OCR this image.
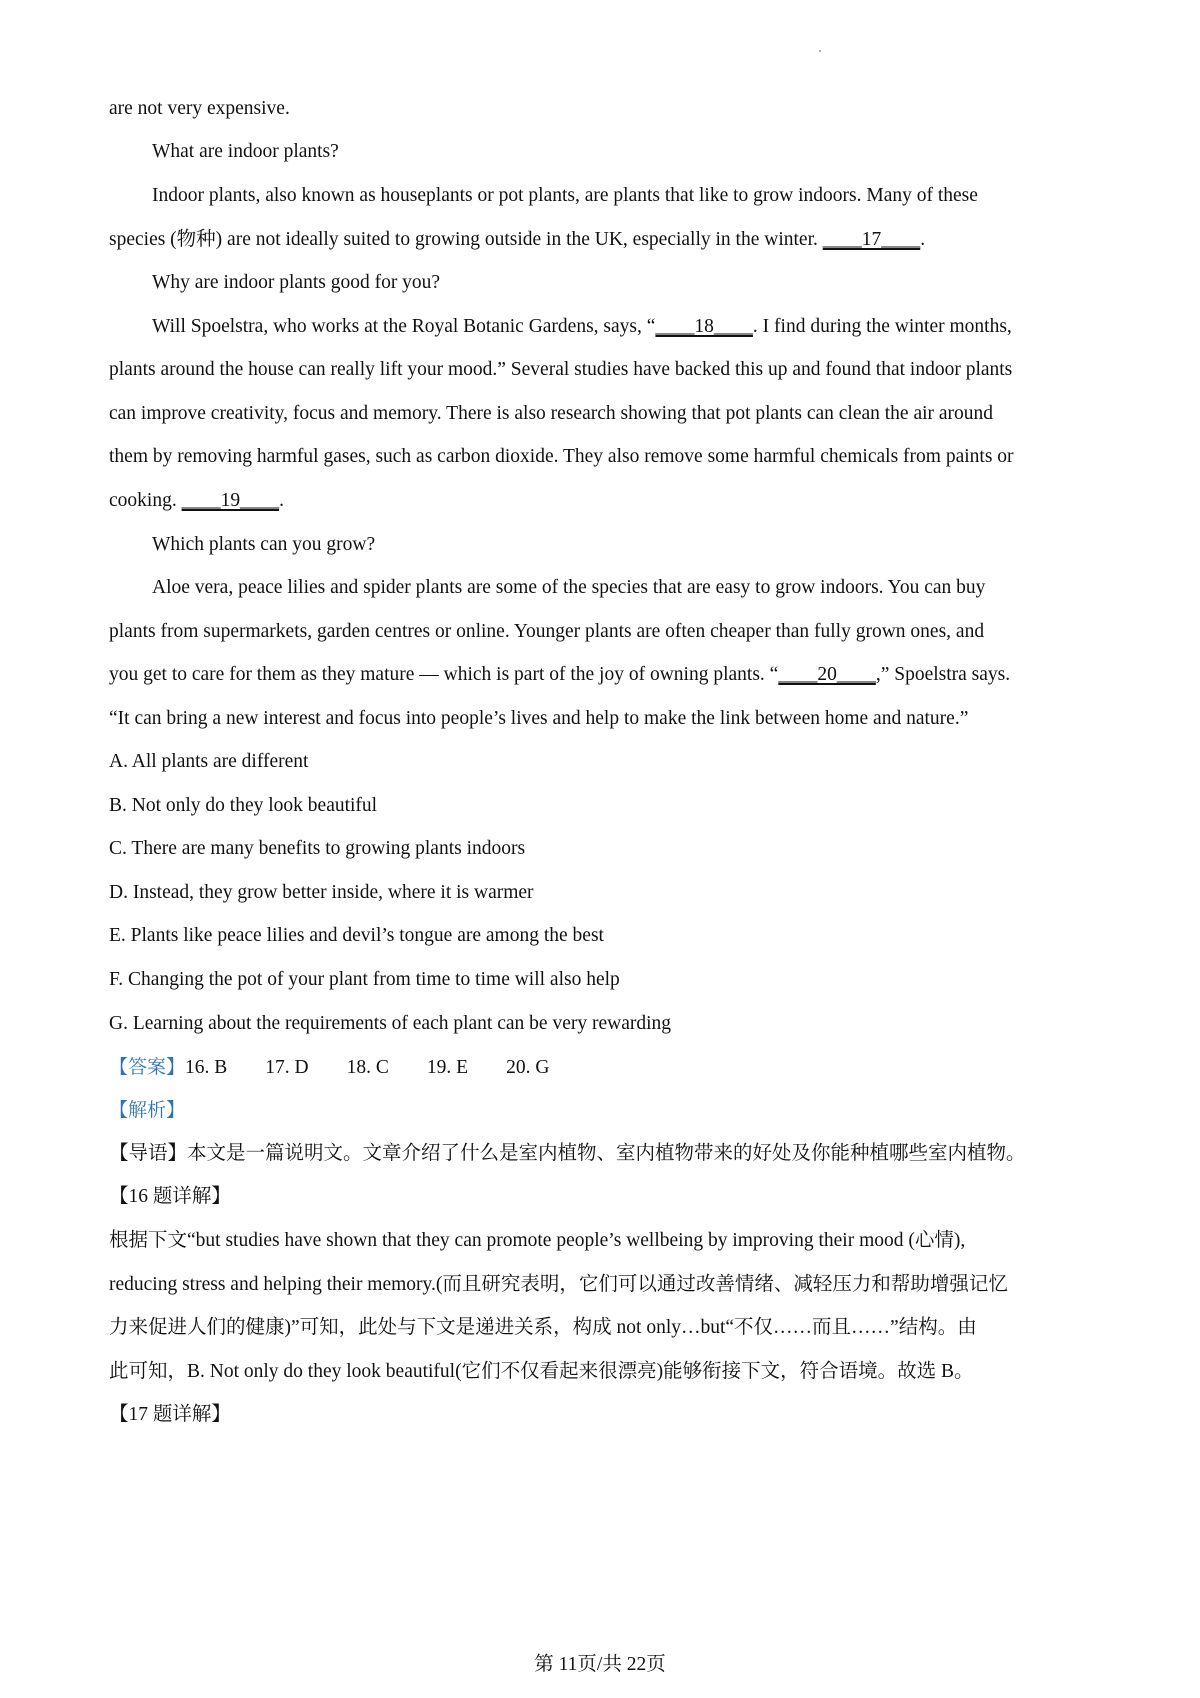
are not very expensive.
What are indoor plants?
Indoor plants, also known as houseplants or pot plants, are plants that like to grow indoors. Many of these
species (物种) are not ideally suited to growing outside in the UK, especially in the winter. ____17____.
Why are indoor plants good for you?
Will Spoelstra, who works at the Royal Botanic Gardens, says, “____18____. I find during the winter months,
plants around the house can really lift your mood.” Several studies have backed this up and found that indoor plants
can improve creativity, focus and memory. There is also research showing that pot plants can clean the air around
them by removing harmful gases, such as carbon dioxide. They also remove some harmful chemicals from paints or
cooking. ____19____.
Which plants can you grow?
Aloe vera, peace lilies and spider plants are some of the species that are easy to grow indoors. You can buy
plants from supermarkets, garden centres or online. Younger plants are often cheaper than fully grown ones, and
you get to care for them as they mature — which is part of the joy of owning plants. “____20____,” Spoelstra says.
“It can bring a new interest and focus into people’s lives and help to make the link between home and nature.”
A. All plants are different
B. Not only do they look beautiful
C. There are many benefits to growing plants indoors
D. Instead, they grow better inside, where it is warmer
E. Plants like peace lilies and devil’s tongue are among the best
F. Changing the pot of your plant from time to time will also help
G. Learning about the requirements of each plant can be very rewarding
【答案】16. B 17. D 18. C 19. E 20. G
【解析】
【导语】本文是一篇说明文。文章介绍了什么是室内植物、室内植物带来的好处及你能种植哪些室内植物。
【16 题详解】
根据下文“but studies have shown that they can promote people’s wellbeing by improving their mood (心情),
reducing stress and helping their memory.(而且研究表明，它们可以通过改善情绪、减轻压力和帮助增强记忆
力来促进人们的健康)”可知，此处与下文是递进关系，构成 not only…but“不仅……而且……”结构。由
此可知，B. Not only do they look beautiful(它们不仅看起来很漂亮)能够衔接下文，符合语境。故选 B。
【17 题详解】
第 11页/共 22页
